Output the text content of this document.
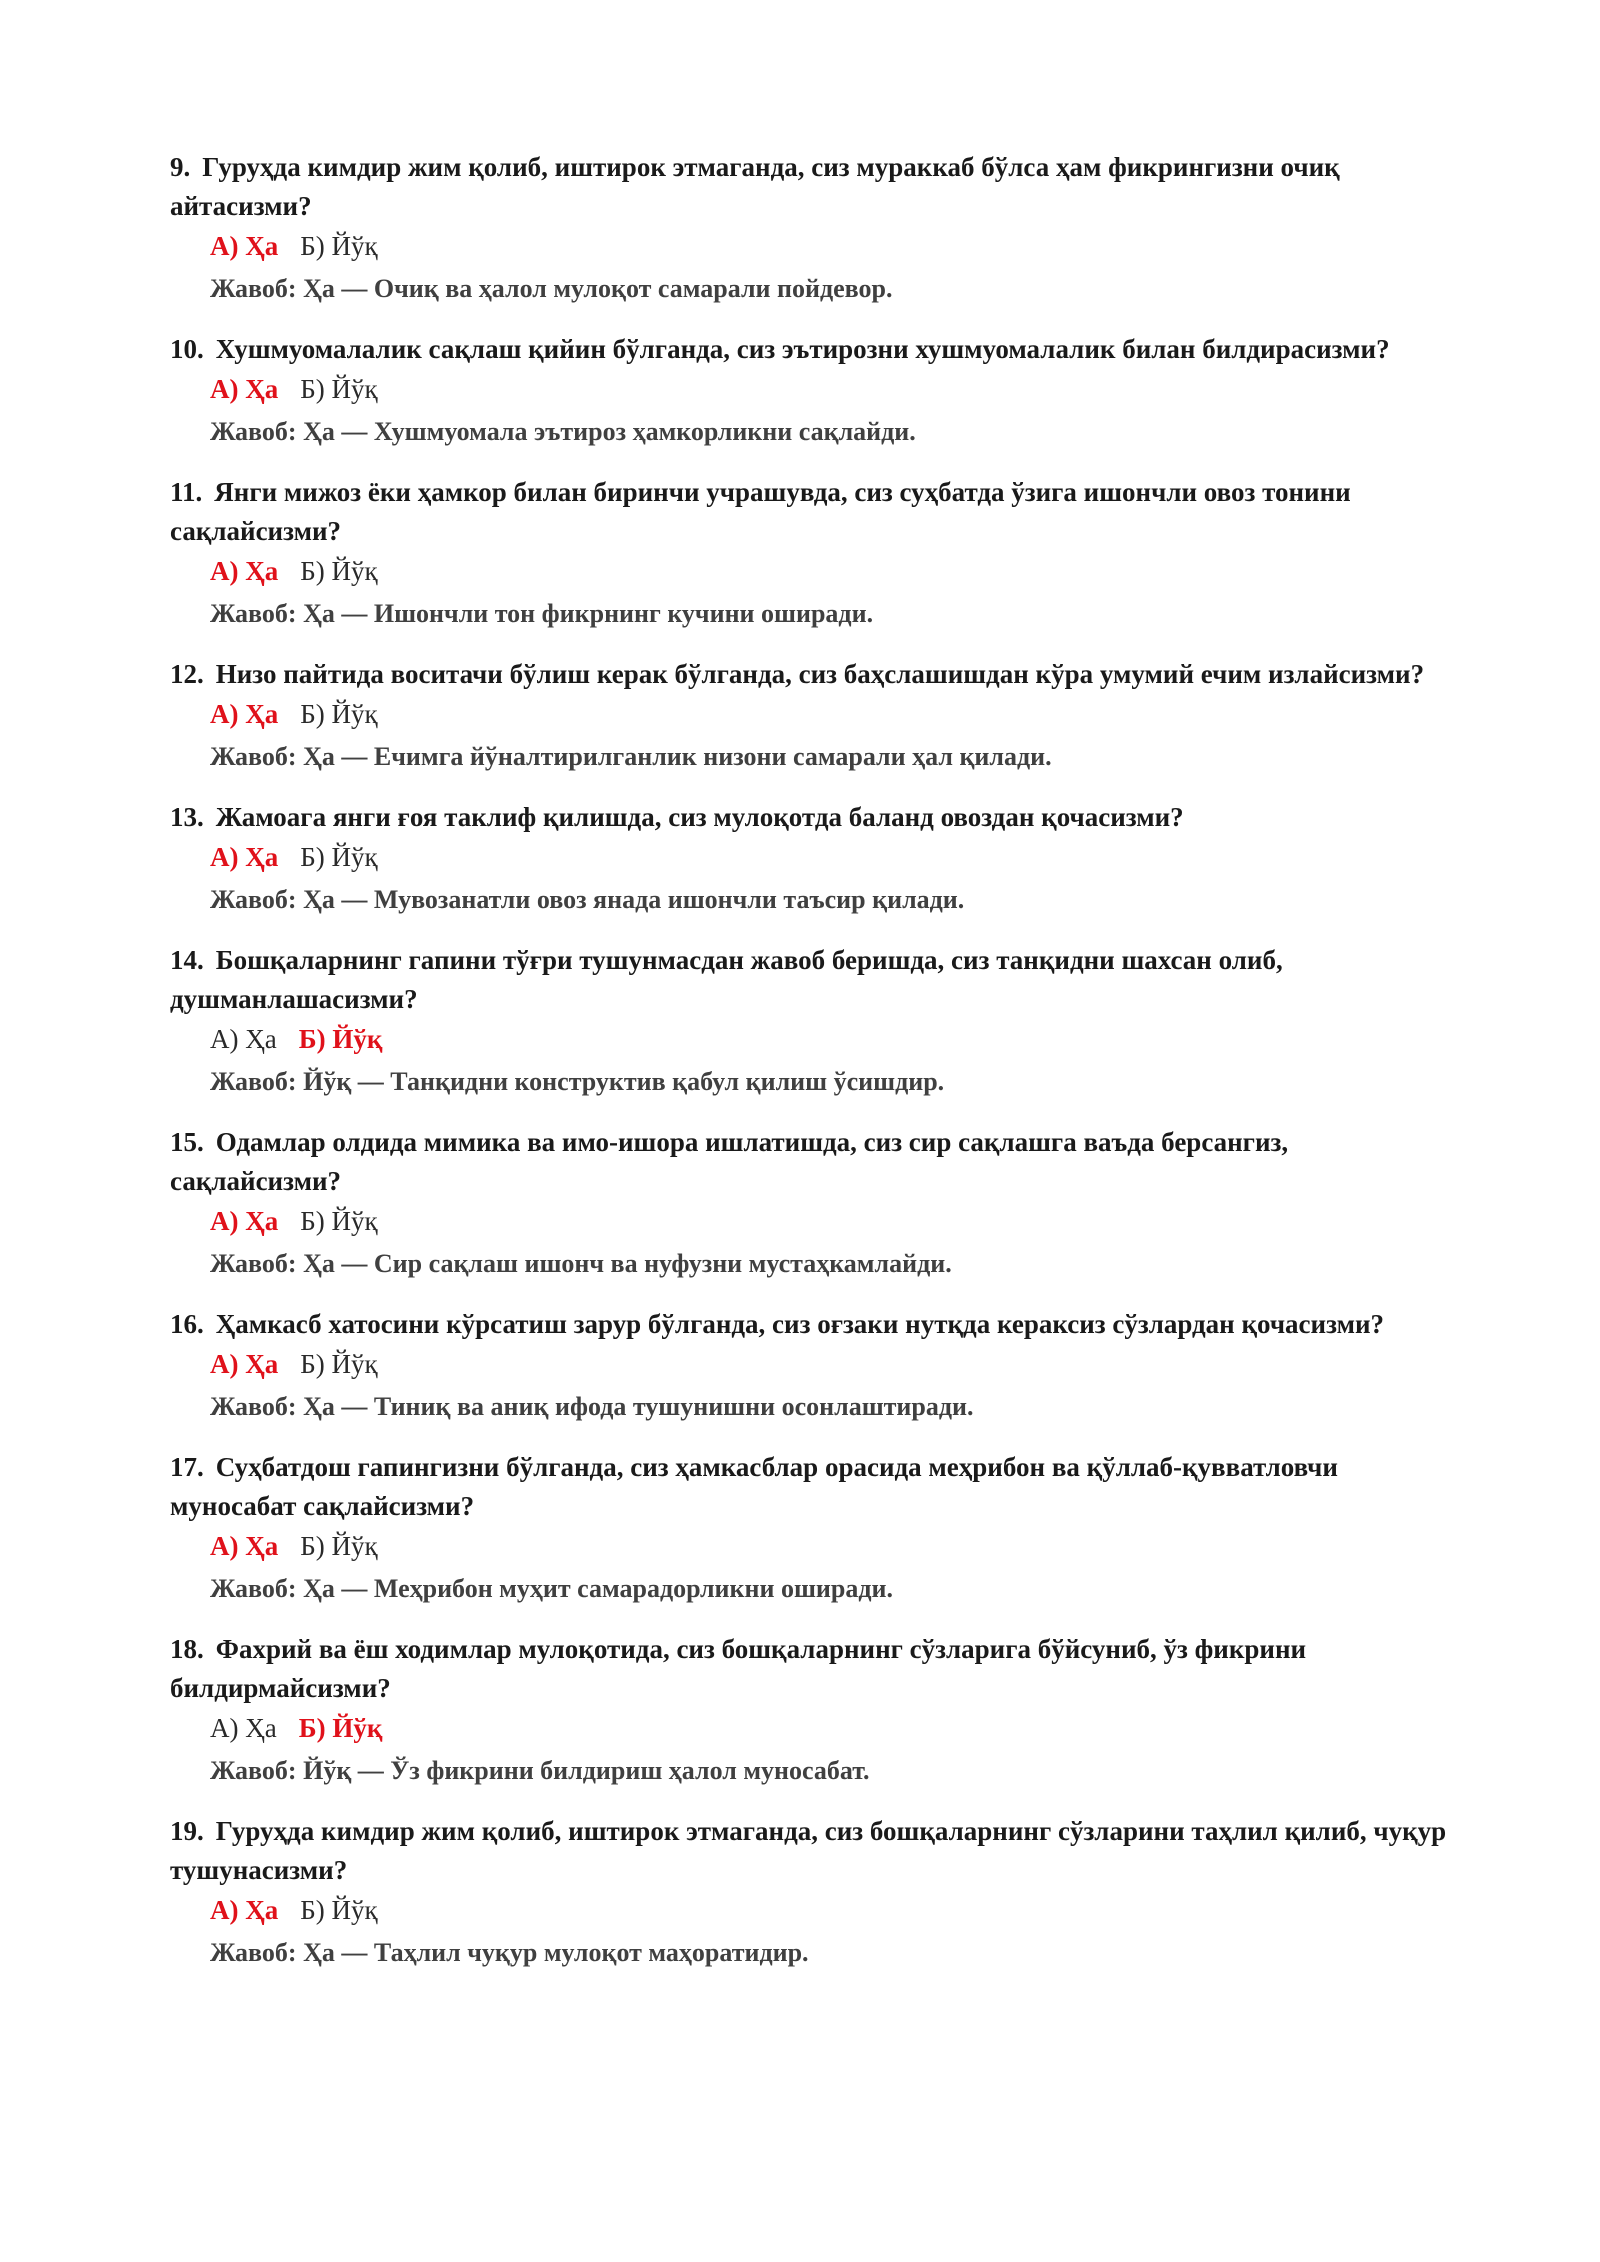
9. Гуруҳда кимдир жим қолиб, иштирок этмаганда, сиз мураккаб бўлса ҳам фикрингизни очиқ айтасизми?

А) Ҳа Б) Йўқ

Жавоб: Ҳа — Очиқ ва ҳалол мулоқот самарали пойдевор.

10. Хушмуомалалик сақлаш қийин бўлганда, сиз эътирозни хушмуомалалик билан билдирасизми?

А) Ҳа Б) Йўқ

Жавоб: Ҳа — Хушмуомала эътироз ҳамкорликни сақлайди.

11. Янги мижоз ёки ҳамкор билан биринчи учрашувда, сиз суҳбатда ўзига ишончли овоз тонини сақлайсизми?

А) Ҳа Б) Йўқ

Жавоб: Ҳа — Ишончли тон фикрнинг кучини оширади.

12. Низо пайтида воситачи бўлиш керак бўлганда, сиз баҳслашишдан кўра умумий ечим излайсизми?

А) Ҳа Б) Йўқ

Жавоб: Ҳа — Ечимга йўналтирилганлик низони самарали ҳал қилади.

13. Жамоага янги ғоя таклиф қилишда, сиз мулоқотда баланд овоздан қочасизми?

А) Ҳа Б) Йўқ

Жавоб: Ҳа — Мувозанатли овоз янада ишончли таъсир қилади.

14. Бошқаларнинг гапини тўғри тушунмасдан жавоб беришда, сиз танқидни шахсан олиб, душманлашасизми?

А) Ҳа Б) Йўқ

Жавоб: Йўқ — Танқидни конструктив қабул қилиш ўсишдир.

15. Одамлар олдида мимика ва имо-ишора ишлатишда, сиз сир сақлашга ваъда берсангиз, сақлайсизми?

А) Ҳа Б) Йўқ

Жавоб: Ҳа — Сир сақлаш ишонч ва нуфузни мустаҳкамлайди.

16. Ҳамкасб хатосини кўрсатиш зарур бўлганда, сиз оғзаки нутқда кераксиз сўзлардан қочасизми?

А) Ҳа Б) Йўқ

Жавоб: Ҳа — Тиниқ ва аниқ ифода тушунишни осонлаштиради.

17. Суҳбатдош гапингизни бўлганда, сиз ҳамкасблар орасида меҳрибон ва қўллаб-қувватловчи муносабат сақлайсизми?

А) Ҳа Б) Йўқ

Жавоб: Ҳа — Меҳрибон муҳит самарадорликни оширади.

18. Фахрий ва ёш ходимлар мулоқотида, сиз бошқаларнинг сўзларига бўйсуниб, ўз фикрини билдирмайсизми?

А) Ҳа Б) Йўқ

Жавоб: Йўқ — Ўз фикрини билдириш ҳалол муносабат.

19. Гуруҳда кимдир жим қолиб, иштирок этмаганда, сиз бошқаларнинг сўзларини таҳлил қилиб, чуқур тушунасизми?

А) Ҳа Б) Йўқ

Жавоб: Ҳа — Таҳлил чуқур мулоқот маҳоратидир.
